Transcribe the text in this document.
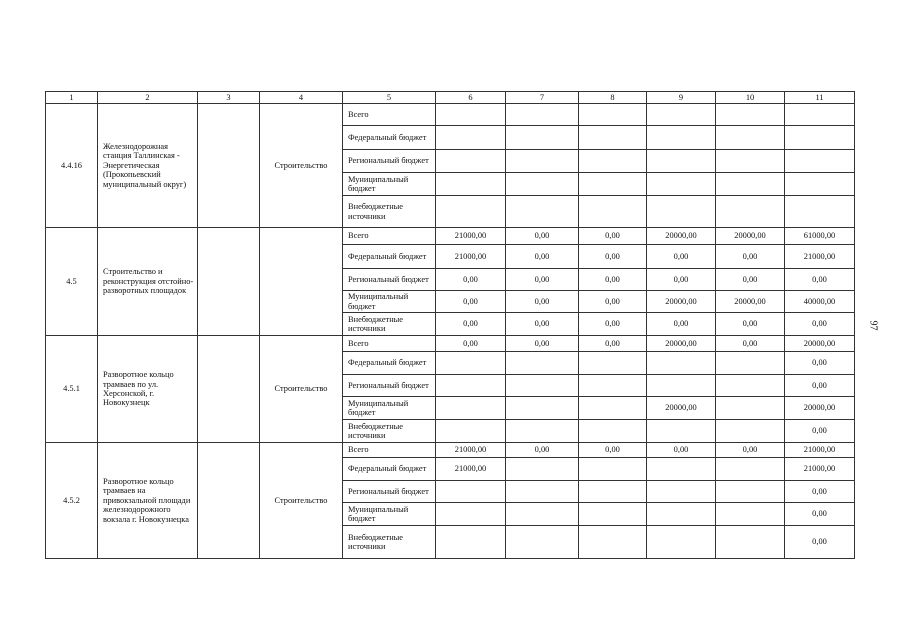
1	2	3	4	5	6	7	8	9	10	11
4.4.16	Железнодорожная станция Таллинская - Энергетическая (Прокопьевский муниципальный округ)		Строительство	Всего						
				Федеральный бюджет						
				Региональный бюджет						
				Муниципальный бюджет						
				Внебюджетные источники						
4.5	Строительство и реконструкция отстойно-разворотных площадок			Всего	21000,00	0,00	0,00	20000,00	20000,00	61000,00
				Федеральный бюджет	21000,00	0,00	0,00	0,00	0,00	21000,00
				Региональный бюджет	0,00	0,00	0,00	0,00	0,00	0,00
				Муниципальный бюджет	0,00	0,00	0,00	20000,00	20000,00	40000,00
				Внебюджетные источники	0,00	0,00	0,00	0,00	0,00	0,00
4.5.1	Разворотное кольцо трамваев по ул. Херсонской, г. Новокузнецк		Строительство	Всего	0,00	0,00	0,00	20000,00	0,00	20000,00
				Федеральный бюджет						0,00
				Региональный бюджет						0,00
				Муниципальный бюджет				20000,00		20000,00
				Внебюджетные источники						0,00
4.5.2	Разворотное кольцо трамваев на привокзальной площади железнодорожного вокзала г. Новокузнецка		Строительство	Всего	21000,00	0,00	0,00	0,00	0,00	21000,00
				Федеральный бюджет	21000,00					21000,00
				Региональный бюджет						0,00
				Муниципальный бюджет						0,00
				Внебюджетные источники						0,00
97
